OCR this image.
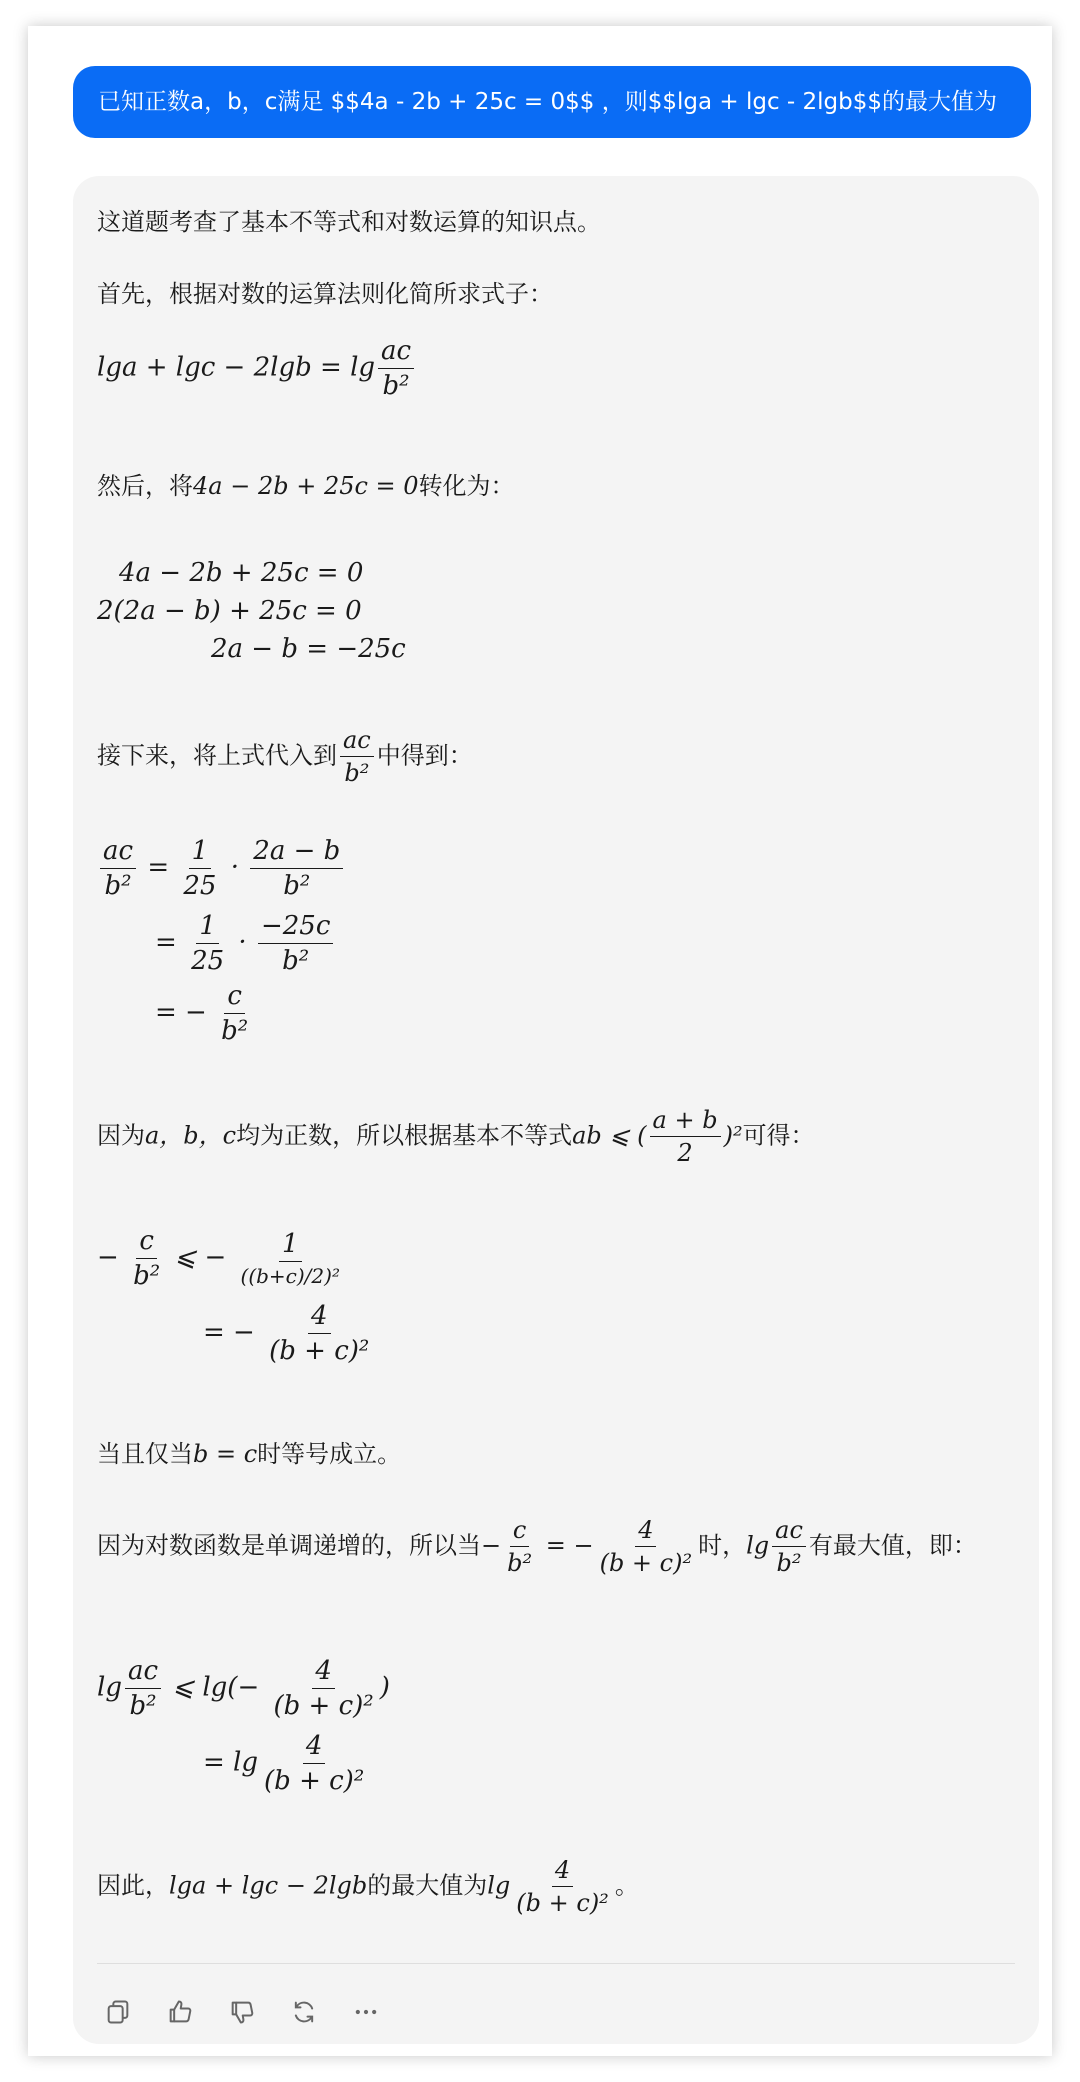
已知正数a，b，c满足 $$4a - 2b + 25c = 0$$ ，则$$lga + lgc - 2lgb$$的最大值为
这道题考查了基本不等式和对数运算的知识点。
首先，根据对数的运算法则化简所求式子：
$\lg a + \lg c - 2\lg b = \lg \frac{ac}{\text{b²}}$
然后，将4a − 2b + 25c = 0转化为：
4a − 2b + 25c = 0
2(2a − b) + 25c = 0
2a − b = −25c
接下来，将上式代入到 $\frac{ac}{\text{b²}}$ 中得到：
$\frac{ac}{\text{b²}} = \frac{1}{25} \cdot \frac{2a - b}{\text{b²}}$
= $\frac{1}{25} \cdot \frac{-25c}{\text{b²}}$
= − $\frac{c}{\text{b²}}$
因为a，b，c均为正数，所以根据基本不等式ab ⩽ ( $\frac{a + b}{2} )^2$可得：
− $\frac{c}{\text{b²}}$ ⩽ − $\frac{1}{\text{((b+c)/2)²}}$
= − $\frac{4}{\text{(b + c)²}}$
当且仅当b = c时等号成立。
因为对数函数是单调递增的，所以当− $\frac{c}{\text{b²}}$ = − $\frac{4}{\text{(b + c)²}}$ 时，$\lg \frac{ac}{\text{b²}}$ 有最大值，即：
$\lg \frac{ac}{\text{b²}}$ ⩽ $\lg(- \frac{4}{\text{(b + c)²}}$ )
= $\lg \frac{4}{\text{(b + c)²}}$
因此，lga + lgc − 2lgb的最大值为$\lg \frac{4}{\text{(b + c)²}}$ 。
